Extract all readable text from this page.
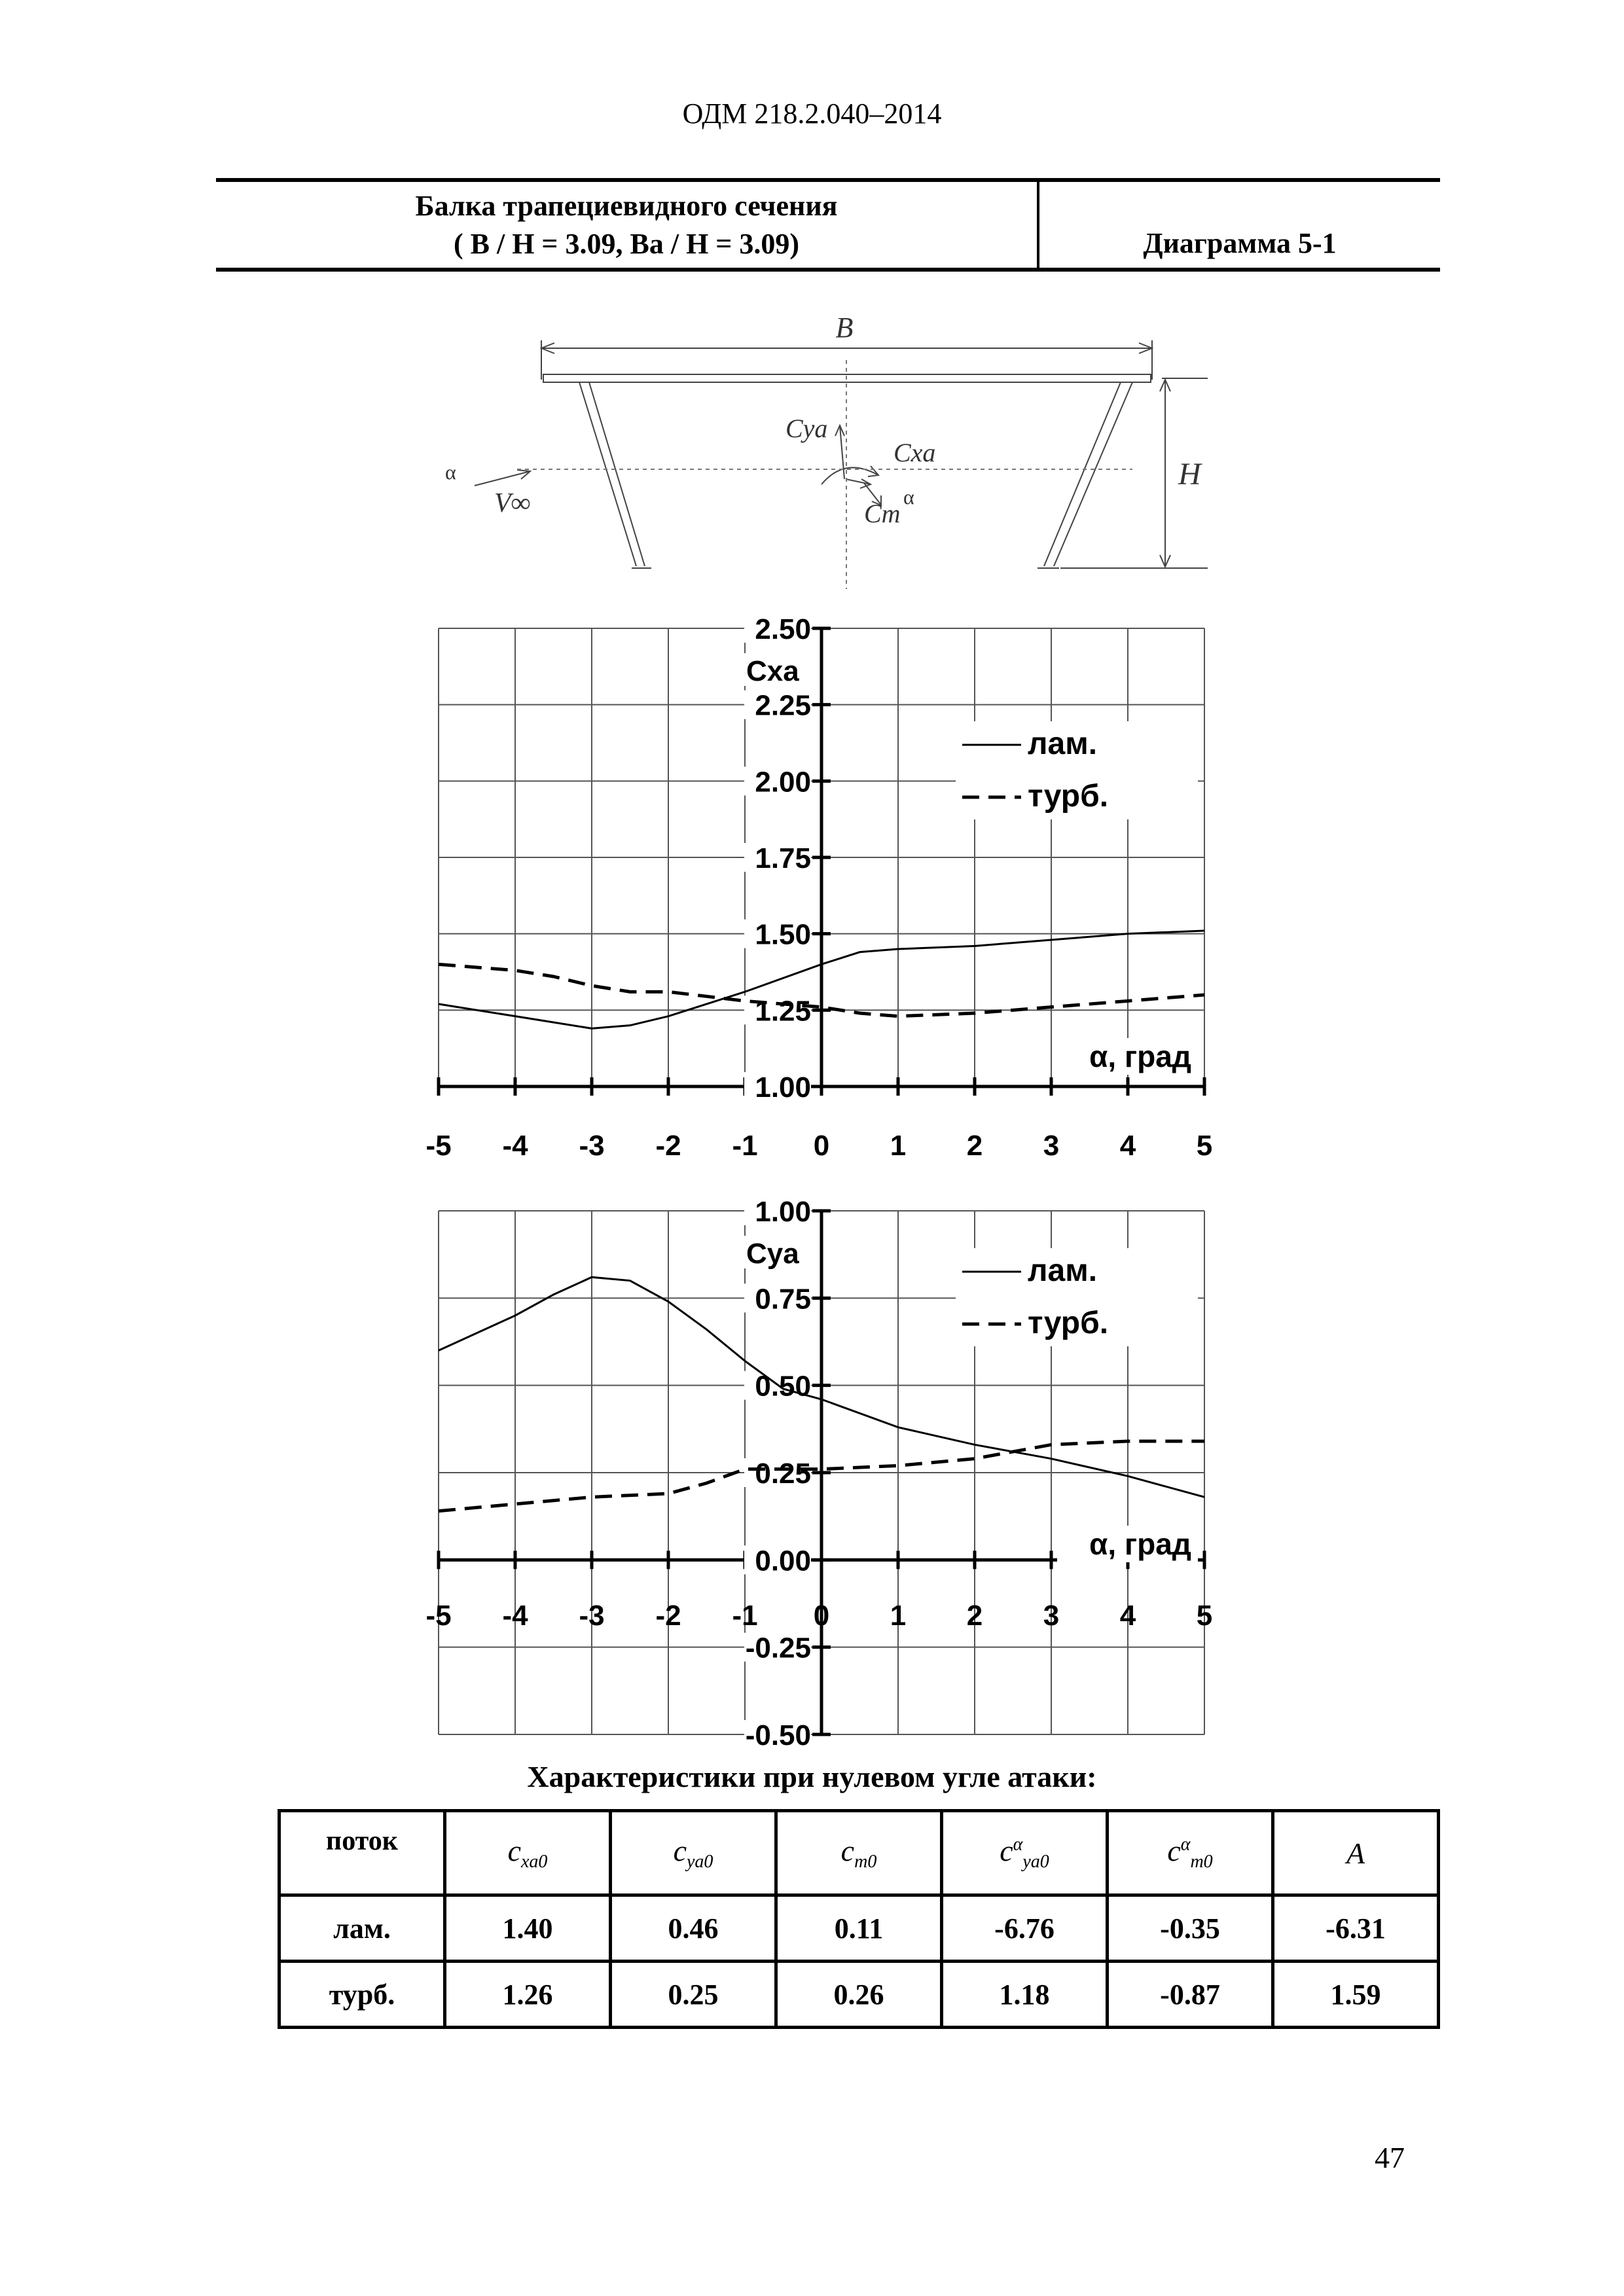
ОДМ 218.2.040–2014
Балка трапециевидного сечения
( B / H = 3.09, Bа / H = 3.09)	Диаграмма 5-1
B
H
α
V∞
Cya
Cxa
Cm
α
1.00
1.25
1.50
1.75
2.00
2.25
2.50
-5 -4 -3 -2 -1 0 1 2 3 4 5
Cxa
α, град
лам.
турб.
-0.50
-0.25
0.00
0.25
0.50
0.75
1.00
-5 -4 -3 -2 -1 0 1 2 3 4 5
Cya
α, град
лам.
турб.
Характеристики при нулевом угле атаки:
поток	$c_{xa0}$	$c_{ya0}$	$c_{m0}$	$c^\alpha_{ya0}$	$c^\alpha_{m0}$	A
лам.	1.40	0.46	0.11	-6.76	-0.35	-6.31
турб.	1.26	0.25	0.26	1.18	-0.87	1.59
47
